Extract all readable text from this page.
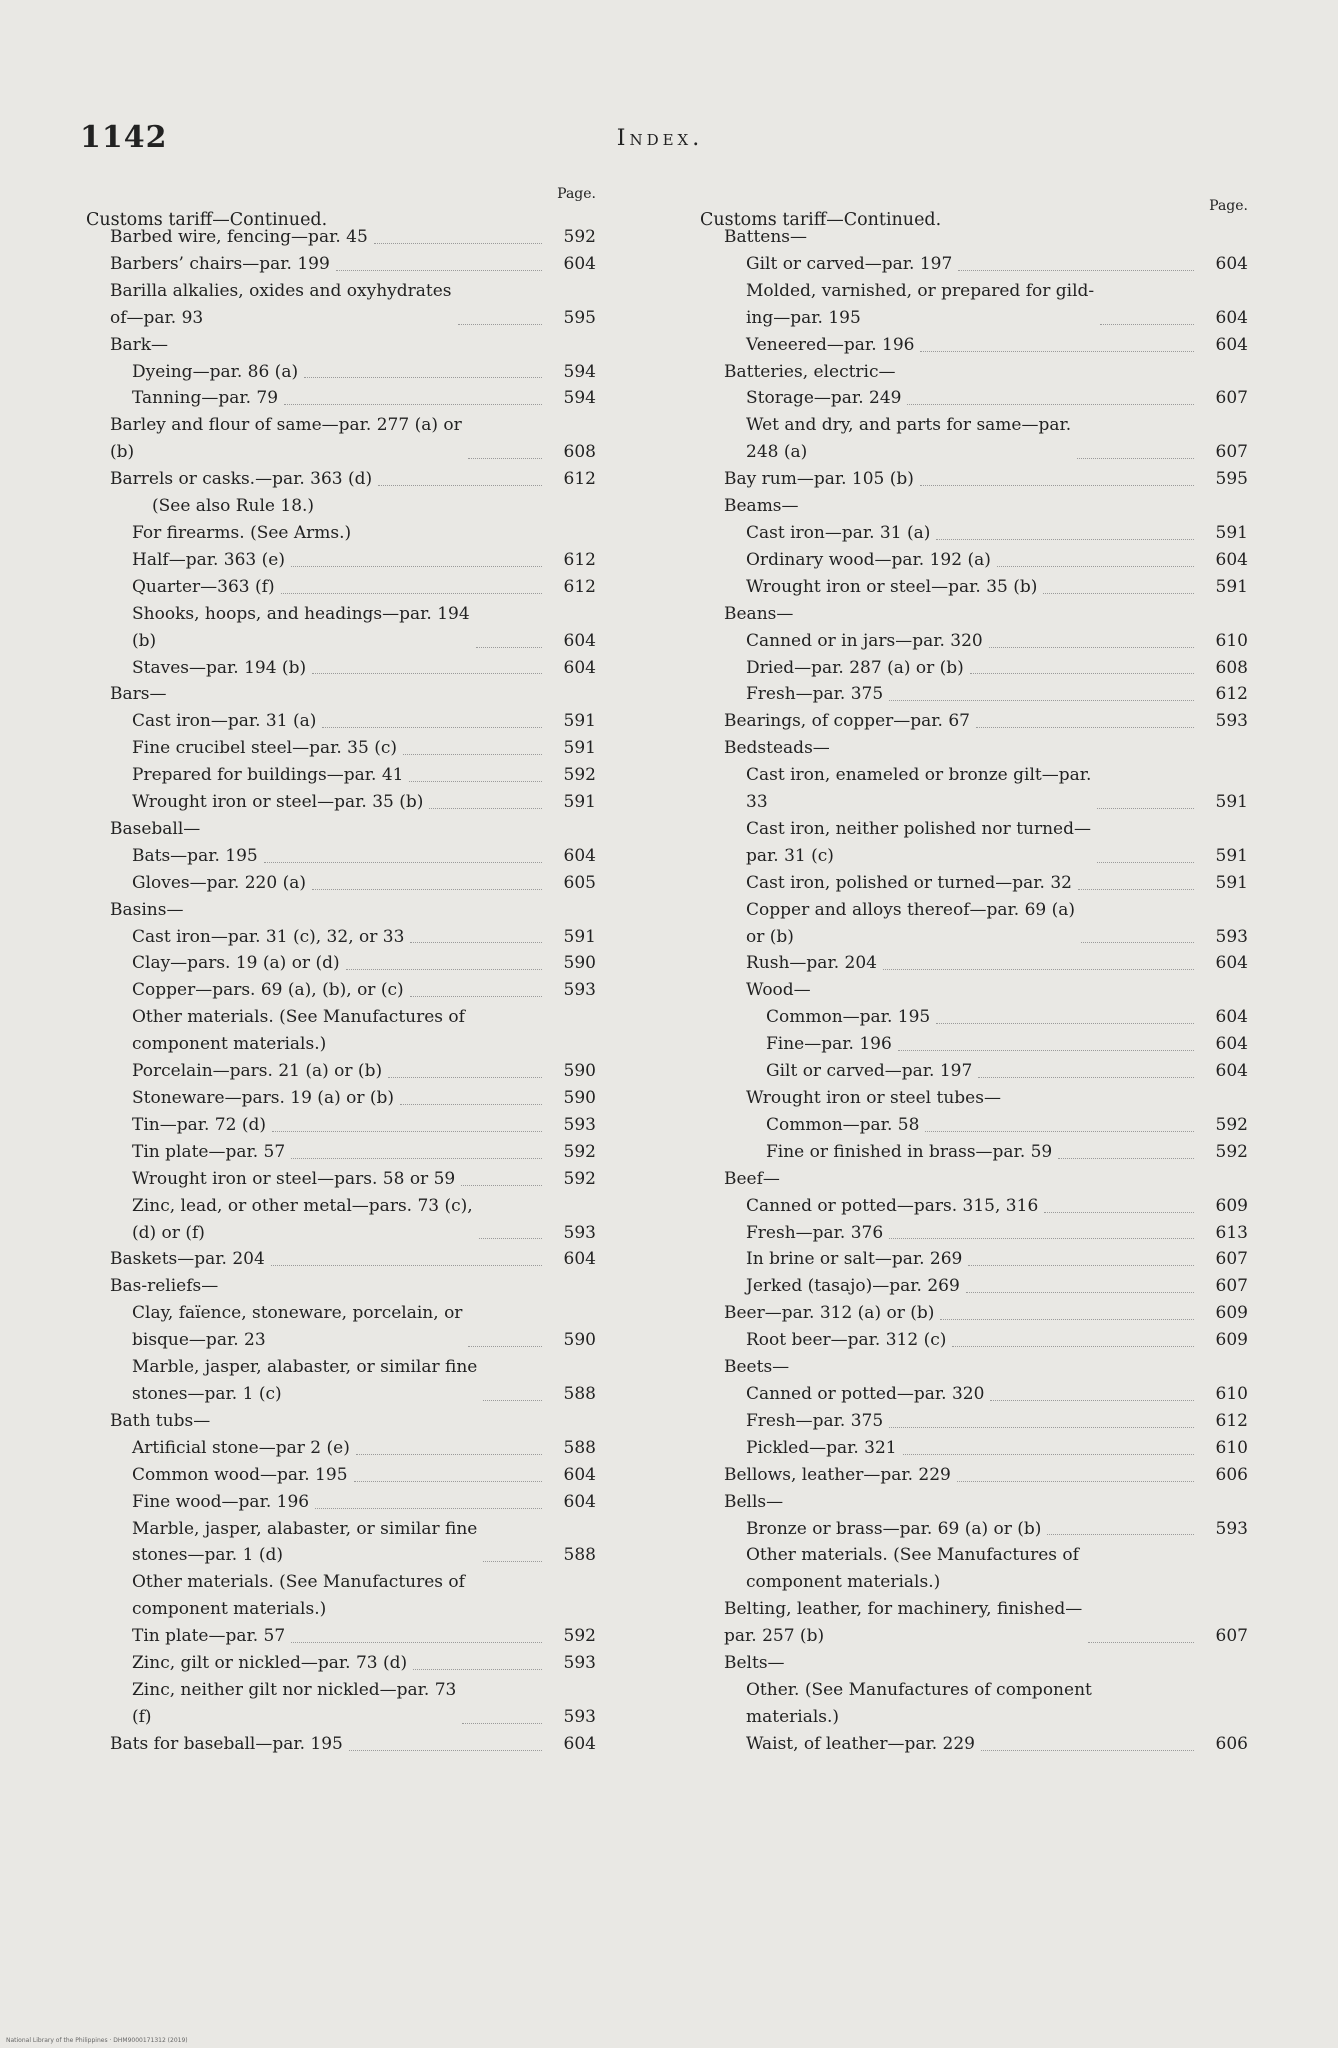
1142	Index.
Page.
Customs tariff—Continued.
Barbed wire, fencing—par. 45	592
Barbers’ chairs—par. 199	604
Barilla alkalies, oxides and oxyhydrates
of—par. 93	595
Bark—
Dyeing—par. 86 (a)	594
Tanning—par. 79	594
Barley and flour of same—par. 277 (a) or
(b)	608
Barrels or casks.—par. 363 (d)	612
(See also Rule 18.)
For firearms. (See Arms.)
Half—par. 363 (e)	612
Quarter—363 (f)	612
Shooks, hoops, and headings—par. 194
(b)	604
Staves—par. 194 (b)	604
Bars—
Cast iron—par. 31 (a)	591
Fine crucibel steel—par. 35 (c)	591
Prepared for buildings—par. 41	592
Wrought iron or steel—par. 35 (b)	591
Baseball—
Bats—par. 195	604
Gloves—par. 220 (a)	605
Basins—
Cast iron—par. 31 (c), 32, or 33	591
Clay—pars. 19 (a) or (d)	590
Copper—pars. 69 (a), (b), or (c)	593
Other materials. (See Manufactures of
component materials.)
Porcelain—pars. 21 (a) or (b)	590
Stoneware—pars. 19 (a) or (b)	590
Tin—par. 72 (d)	593
Tin plate—par. 57	592
Wrought iron or steel—pars. 58 or 59	592
Zinc, lead, or other metal—pars. 73 (c),
(d) or (f)	593
Baskets—par. 204	604
Bas-reliefs—
Clay, faïence, stoneware, porcelain, or
bisque—par. 23	590
Marble, jasper, alabaster, or similar fine
stones—par. 1 (c)	588
Bath tubs—
Artificial stone—par 2 (e)	588
Common wood—par. 195	604
Fine wood—par. 196	604
Marble, jasper, alabaster, or similar fine
stones—par. 1 (d)	588
Other materials. (See Manufactures of
component materials.)
Tin plate—par. 57	592
Zinc, gilt or nickled—par. 73 (d)	593
Zinc, neither gilt nor nickled—par. 73
(f)	593
Bats for baseball—par. 195	604
Page.
Customs tariff—Continued.
Battens—
Gilt or carved—par. 197	604
Molded, varnished, or prepared for gild-
ing—par. 195	604
Veneered—par. 196	604
Batteries, electric—
Storage—par. 249	607
Wet and dry, and parts for same—par.
248 (a)	607
Bay rum—par. 105 (b)	595
Beams—
Cast iron—par. 31 (a)	591
Ordinary wood—par. 192 (a)	604
Wrought iron or steel—par. 35 (b)	591
Beans—
Canned or in jars—par. 320	610
Dried—par. 287 (a) or (b)	608
Fresh—par. 375	612
Bearings, of copper—par. 67	593
Bedsteads—
Cast iron, enameled or bronze gilt—par.
33	591
Cast iron, neither polished nor turned—
par. 31 (c)	591
Cast iron, polished or turned—par. 32	591
Copper and alloys thereof—par. 69 (a)
or (b)	593
Rush—par. 204	604
Wood—
Common—par. 195	604
Fine—par. 196	604
Gilt or carved—par. 197	604
Wrought iron or steel tubes—
Common—par. 58	592
Fine or finished in brass—par. 59	592
Beef—
Canned or potted—pars. 315, 316	609
Fresh—par. 376	613
In brine or salt—par. 269	607
Jerked (tasajo)—par. 269	607
Beer—par. 312 (a) or (b)	609
Root beer—par. 312 (c)	609
Beets—
Canned or potted—par. 320	610
Fresh—par. 375	612
Pickled—par. 321	610
Bellows, leather—par. 229	606
Bells—
Bronze or brass—par. 69 (a) or (b)	593
Other materials. (See Manufactures of
component materials.)
Belting, leather, for machinery, finished—
par. 257 (b)	607
Belts—
Other. (See Manufactures of component
materials.)
Waist, of leather—par. 229	606
National Library of the Philippines · DHM9000171312 (2019)
